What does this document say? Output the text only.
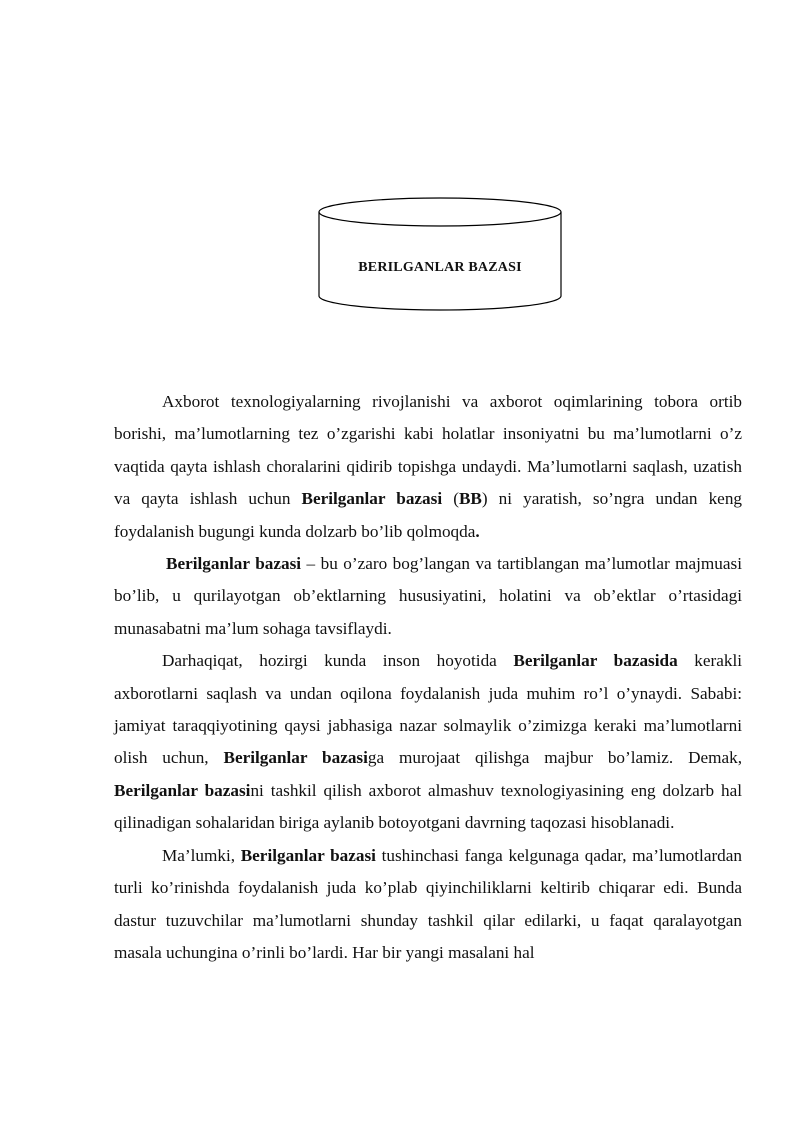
BERILGANLAR BAZASI

Axborot texnologiyalarning rivojlanishi va axborot oqimlarining tobora ortib borishi, ma’lumotlarning tez o’zgarishi kabi holatlar insoniyatni bu ma’lumotlarni o’z vaqtida qayta ishlash choralarini qidirib topishga undaydi. Ma’lumotlarni saqlash, uzatish va qayta ishlash uchun Berilganlar bazasi (BB) ni yaratish, so’ngra undan keng foydalanish bugungi kunda dolzarb bo’lib qolmoqda.

Berilganlar bazasi – bu o’zaro bog’langan va tartiblangan ma’lumotlar majmuasi bo’lib, u qurilayotgan ob’ektlarning hususiyatini, holatini va ob’ektlar o’rtasidagi munasabatni ma’lum sohaga tavsiflaydi.

Darhaqiqat, hozirgi kunda inson hoyotida Berilganlar bazasida kerakli axborotlarni saqlash va undan oqilona foydalanish juda muhim ro’l o’ynaydi. Sababi: jamiyat taraqqiyotining qaysi jabhasiga nazar solmaylik o’zimizga keraki ma’lumotlarni olish uchun, Berilganlar bazasiga murojaat qilishga majbur bo’lamiz. Demak, Berilganlar bazasini tashkil qilish axborot almashuv texnologiyasining eng dolzarb hal qilinadigan sohalaridan biriga aylanib botoyotgani davrning taqozasi hisoblanadi.

Ma’lumki, Berilganlar bazasi tushinchasi fanga kelgunaga qadar, ma’lumotlardan turli ko’rinishda foydalanish juda ko’plab qiyinchiliklarni keltirib chiqarar edi. Bunda dastur tuzuvchilar ma’lumotlarni shunday tashkil qilar edilarki, u faqat qaralayotgan masala uchungina o’rinli bo’lardi. Har bir yangi masalani hal
